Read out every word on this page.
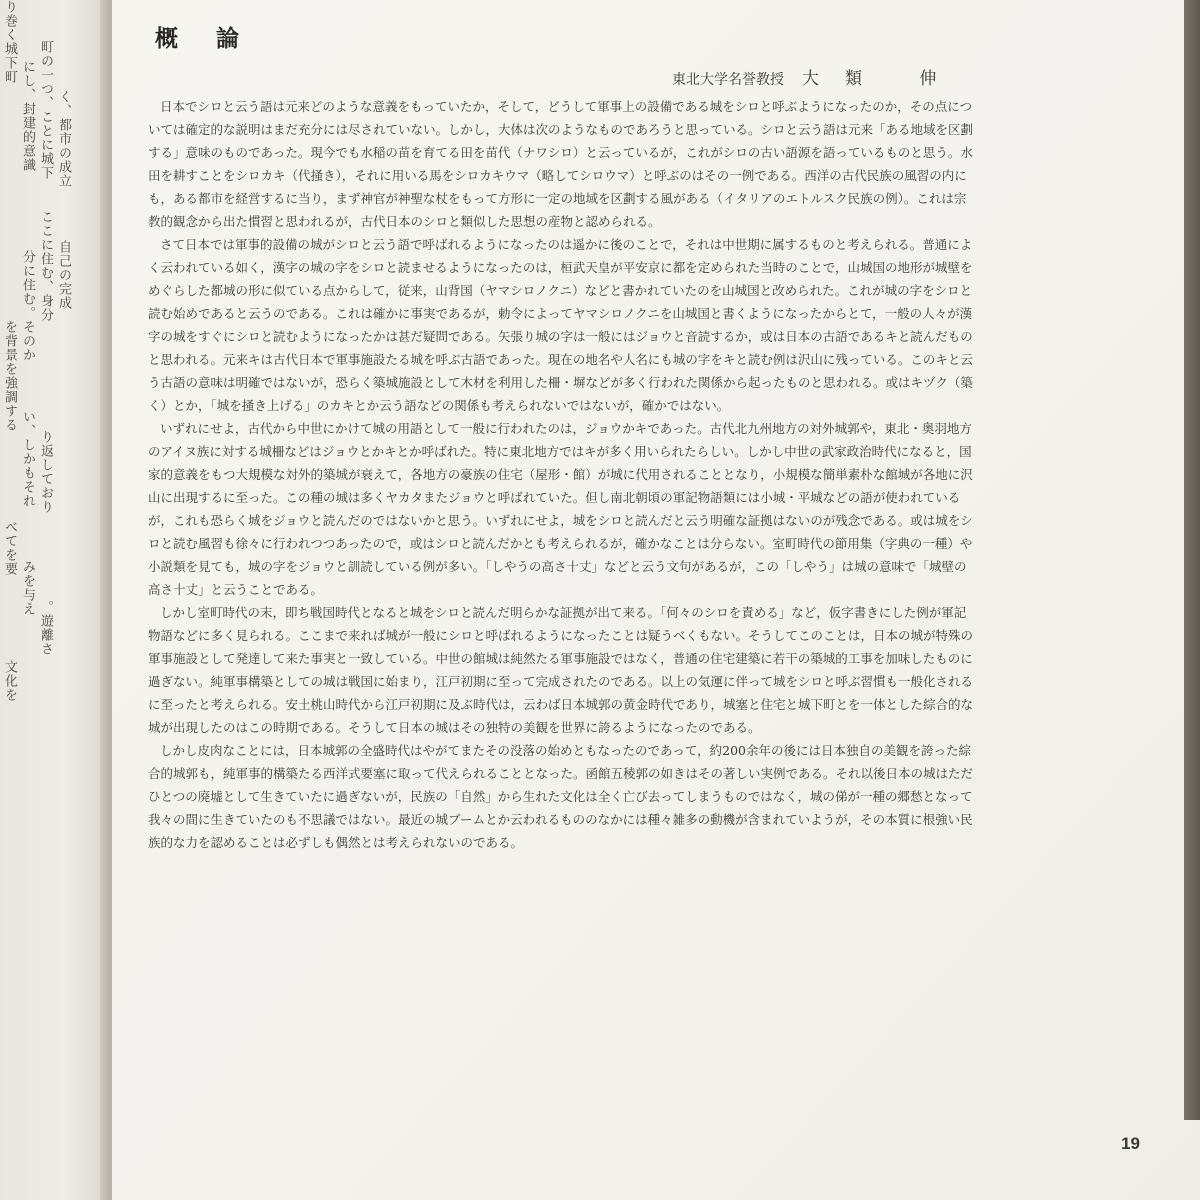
り巻く城下町
にし、封建的意識 町の一つ、ことに城下 く、都市の成立
自己の完成
ここに住む、身分
分に住む。そのか
を背景を強調する
い、しかもそれ り返しており
べてを要
みを与え
。遊離さ
文化を
概論
東北大学名誉教授 大類 伸

日本でシロと云う語は元来どのような意義をもっていたか，そして，どうして軍事上の設備である城をシロと呼ぶようになったのか，その点については確定的な説明はまだ充分には尽されていない。しかし，大体は次のようなものであろうと思っている。シロと云う語は元来「ある地域を区劃する」意味のものであった。現今でも水稲の苗を育てる田を苗代（ナワシロ）と云っているが，これがシロの古い語源を語っているものと思う。水田を耕すことをシロカキ（代掻き），それに用いる馬をシロカキウマ（略してシロウマ）と呼ぶのはその一例である。西洋の古代民族の風習の内にも，ある都市を経営するに当り，まず神官が神聖な杖をもって方形に一定の地域を区劃する風がある（イタリアのエトルスク民族の例）。これは宗教的観念から出た慣習と思われるが，古代日本のシロと類似した思想の産物と認められる。

さて日本では軍事的設備の城がシロと云う語で呼ばれるようになったのは遥かに後のことで，それは中世期に属するものと考えられる。普通によく云われている如く，漢字の城の字をシロと読ませるようになったのは，桓武天皇が平安京に都を定められた当時のことで，山城国の地形が城壁をめぐらした都城の形に似ている点からして，従来，山背国（ヤマシロノクニ）などと書かれていたのを山城国と改められた。これが城の字をシロと読む始めであると云うのである。これは確かに事実であるが，勅令によってヤマシロノクニを山城国と書くようになったからとて，一般の人々が漢字の城をすぐにシロと読むようになったかは甚だ疑問である。矢張り城の字は一般にはジョウと音読するか，或は日本の古語であるキと読んだものと思われる。元来キは古代日本で軍事施設たる城を呼ぶ古語であった。現在の地名や人名にも城の字をキと読む例は沢山に残っている。このキと云う古語の意味は明確ではないが，恐らく築城施設として木材を利用した柵・塀などが多く行われた関係から起ったものと思われる。或はキヅク（築く）とか，「城を掻き上げる」のカキとか云う語などの関係も考えられないではないが，確かではない。

いずれにせよ，古代から中世にかけて城の用語として一般に行われたのは，ジョウかキであった。古代北九州地方の対外城郭や，東北・奥羽地方のアイヌ族に対する城柵などはジョウとかキとか呼ばれた。特に東北地方ではキが多く用いられたらしい。しかし中世の武家政治時代になると，国家的意義をもつ大規模な対外的築城が衰えて，各地方の豪族の住宅（屋形・館）が城に代用されることとなり，小規模な簡単素朴な館城が各地に沢山に出現するに至った。この種の城は多くヤカタまたジョウと呼ばれていた。但し南北朝頃の軍記物語類には小城・平城などの語が使われているが，これも恐らく城をジョウと読んだのではないかと思う。いずれにせよ，城をシロと読んだと云う明確な証拠はないのが残念である。或は城をシロと読む風習も徐々に行われつつあったので，或はシロと読んだかとも考えられるが，確かなことは分らない。室町時代の節用集（字典の一種）や小説類を見ても，城の字をジョウと訓読している例が多い。「しやうの高さ十丈」などと云う文句があるが，この「しやう」は城の意味で「城壁の高さ十丈」と云うことである。

しかし室町時代の末，即ち戦国時代となると城をシロと読んだ明らかな証拠が出て来る。「何々のシロを責める」など，仮字書きにした例が軍記物語などに多く見られる。ここまで来れば城が一般にシロと呼ばれるようになったことは疑うべくもない。そうしてこのことは，日本の城が特殊の軍事施設として発達して来た事実と一致している。中世の館城は純然たる軍事施設ではなく，普通の住宅建築に若干の築城的工事を加味したものに過ぎない。純軍事構築としての城は戦国に始まり，江戸初期に至って完成されたのである。以上の気運に伴って城をシロと呼ぶ習慣も一般化されるに至ったと考えられる。安土桃山時代から江戸初期に及ぶ時代は，云わば日本城郭の黄金時代であり，城塞と住宅と城下町とを一体とした綜合的な城が出現したのはこの時期である。そうして日本の城はその独特の美観を世界に誇るようになったのである。

しかし皮肉なことには，日本城郭の全盛時代はやがてまたその没落の始めともなったのであって，約200余年の後には日本独自の美観を誇った綜合的城郭も，純軍事的構築たる西洋式要塞に取って代えられることとなった。函館五稜郭の如きはその著しい実例である。それ以後日本の城はただひとつの廃墟として生きていたに過ぎないが，民族の「自然」から生れた文化は全く亡び去ってしまうものではなく，城の俤が一種の郷愁となって我々の間に生きていたのも不思議ではない。最近の城ブームとか云われるもののなかには種々雑多の動機が含まれていようが，その本質に根強い民族的な力を認めることは必ずしも偶然とは考えられないのである。

19
